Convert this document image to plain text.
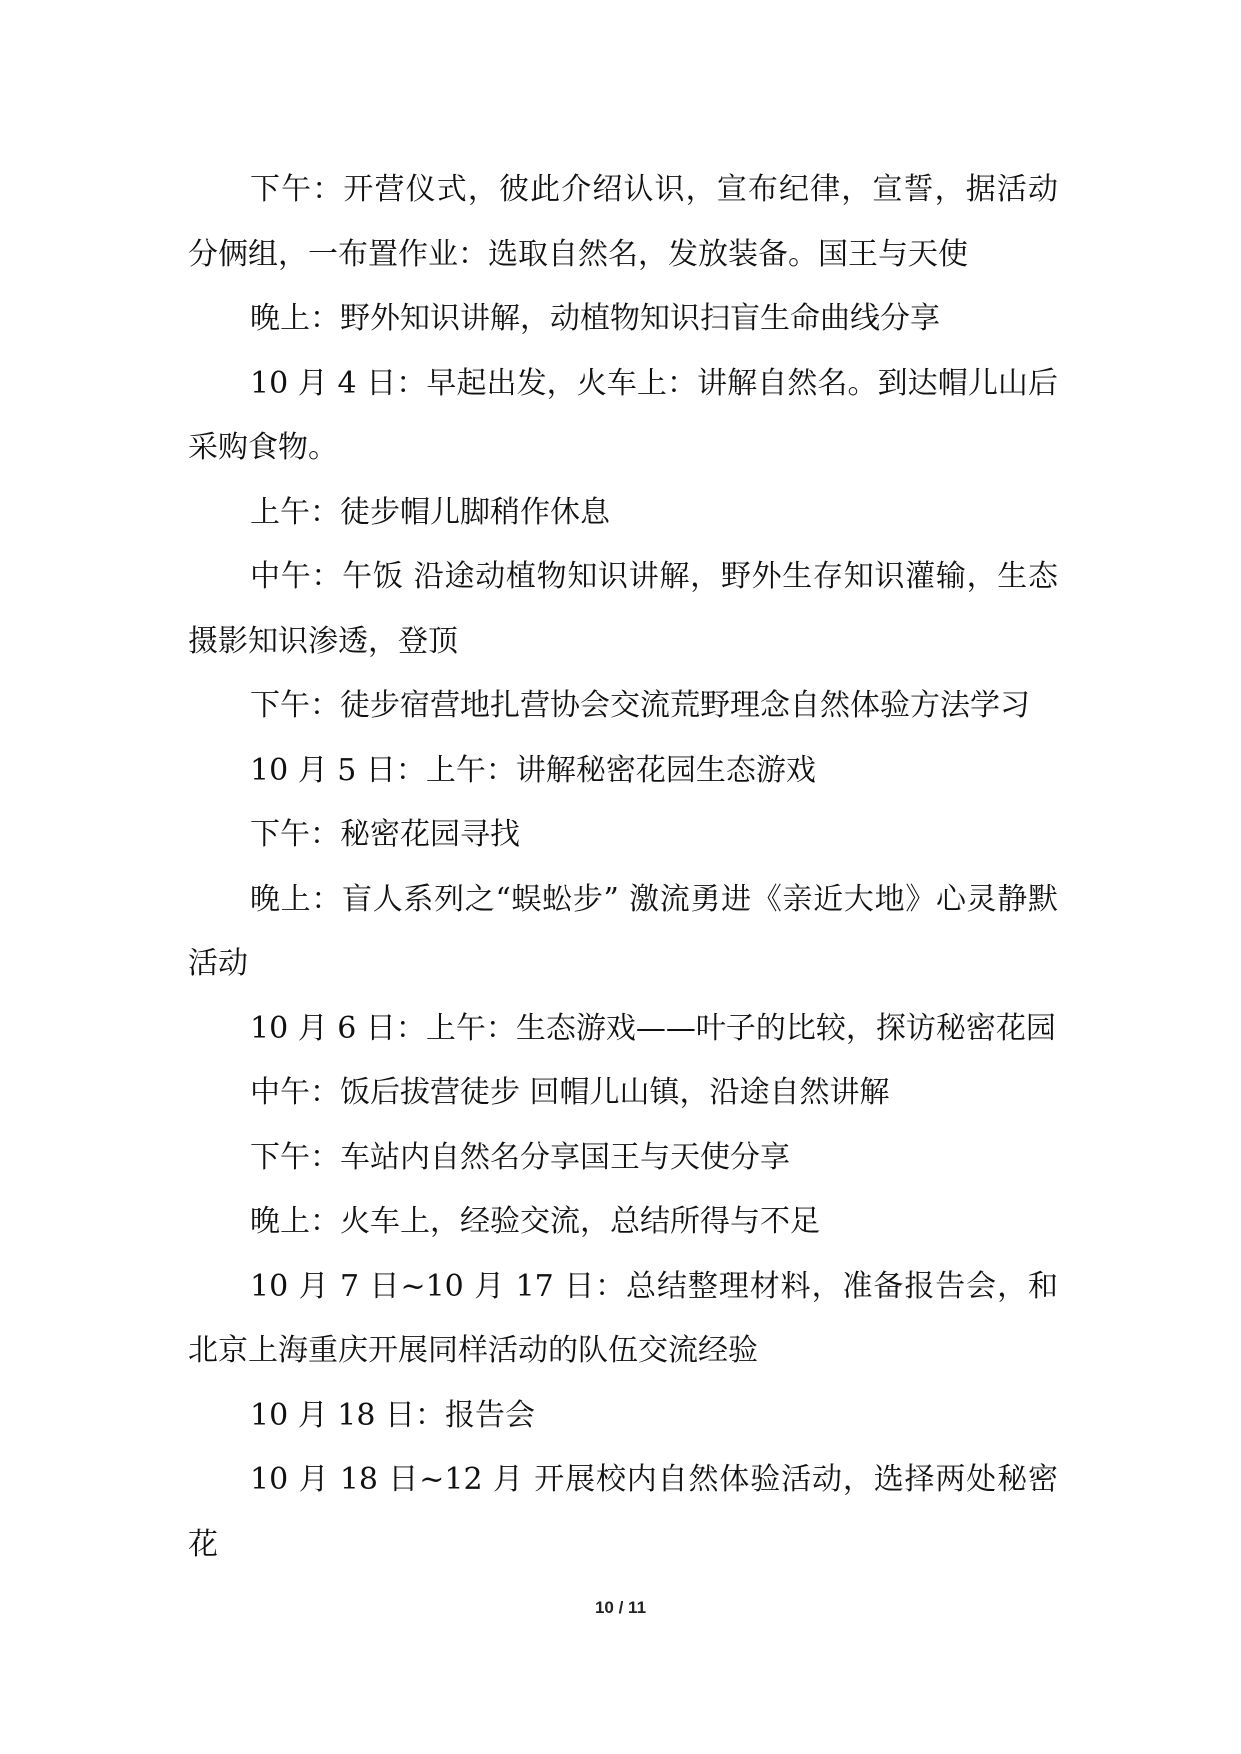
下午：开营仪式，彼此介绍认识，宣布纪律，宣誓，据活动分俩组，一布置作业：选取自然名，发放装备。国王与天使

晚上：野外知识讲解，动植物知识扫盲生命曲线分享

10 月 4 日：早起出发，火车上：讲解自然名。到达帽儿山后采购食物。

上午：徒步帽儿脚稍作休息

中午：午饭 沿途动植物知识讲解，野外生存知识灌输，生态摄影知识渗透，登顶

下午：徒步宿营地扎营协会交流荒野理念自然体验方法学习

10 月 5 日：上午：讲解秘密花园生态游戏

下午：秘密花园寻找

晚上：盲人系列之“蜈蚣步” 激流勇进《亲近大地》心灵静默活动

10 月 6 日：上午：生态游戏——叶子的比较，探访秘密花园

中午：饭后拔营徒步 回帽儿山镇，沿途自然讲解

下午：车站内自然名分享国王与天使分享

晚上：火车上，经验交流，总结所得与不足

10 月 7 日~10 月 17 日：总结整理材料，准备报告会，和北京上海重庆开展同样活动的队伍交流经验

10 月 18 日：报告会

10 月 18 日~12 月 开展校内自然体验活动，选择两处秘密花

10 / 11
